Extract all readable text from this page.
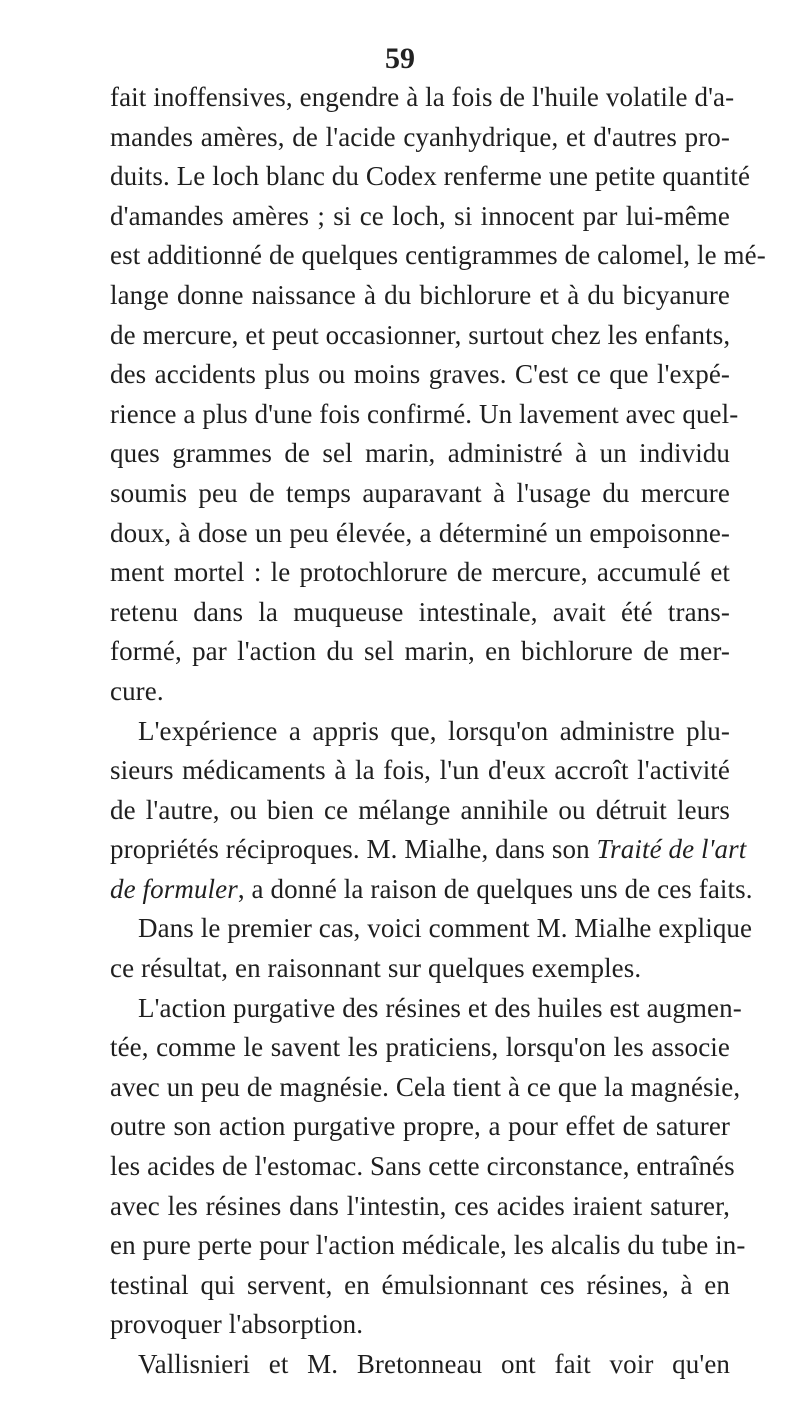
59
fait inoffensives, engendre à la fois de l'huile volatile d'a-
mandes amères, de l'acide cyanhydrique, et d'autres pro-
duits. Le loch blanc du Codex renferme une petite quantité
d'amandes amères ; si ce loch, si innocent par lui-même
est additionné de quelques centigrammes de calomel, le mé-
lange donne naissance à du bichlorure et à du bicyanure
de mercure, et peut occasionner, surtout chez les enfants,
des accidents plus ou moins graves. C'est ce que l'expé-
rience a plus d'une fois confirmé. Un lavement avec quel-
ques grammes de sel marin, administré à un individu
soumis peu de temps auparavant à l'usage du mercure
doux, à dose un peu élevée, a déterminé un empoisonne-
ment mortel : le protochlorure de mercure, accumulé et
retenu dans la muqueuse intestinale, avait été trans-
formé, par l'action du sel marin, en bichlorure de mer-
cure.
L'expérience a appris que, lorsqu'on administre plu-
sieurs médicaments à la fois, l'un d'eux accroît l'activité
de l'autre, ou bien ce mélange annihile ou détruit leurs
propriétés réciproques. M. Mialhe, dans son Traité de l'art
de formuler, a donné la raison de quelques uns de ces faits.
Dans le premier cas, voici comment M. Mialhe explique
ce résultat, en raisonnant sur quelques exemples.
L'action purgative des résines et des huiles est augmen-
tée, comme le savent les praticiens, lorsqu'on les associe
avec un peu de magnésie. Cela tient à ce que la magnésie,
outre son action purgative propre, a pour effet de saturer
les acides de l'estomac. Sans cette circonstance, entraînés
avec les résines dans l'intestin, ces acides iraient saturer,
en pure perte pour l'action médicale, les alcalis du tube in-
testinal qui servent, en émulsionnant ces résines, à en
provoquer l'absorption.
Vallisnieri et M. Bretonneau ont fait voir qu'en
